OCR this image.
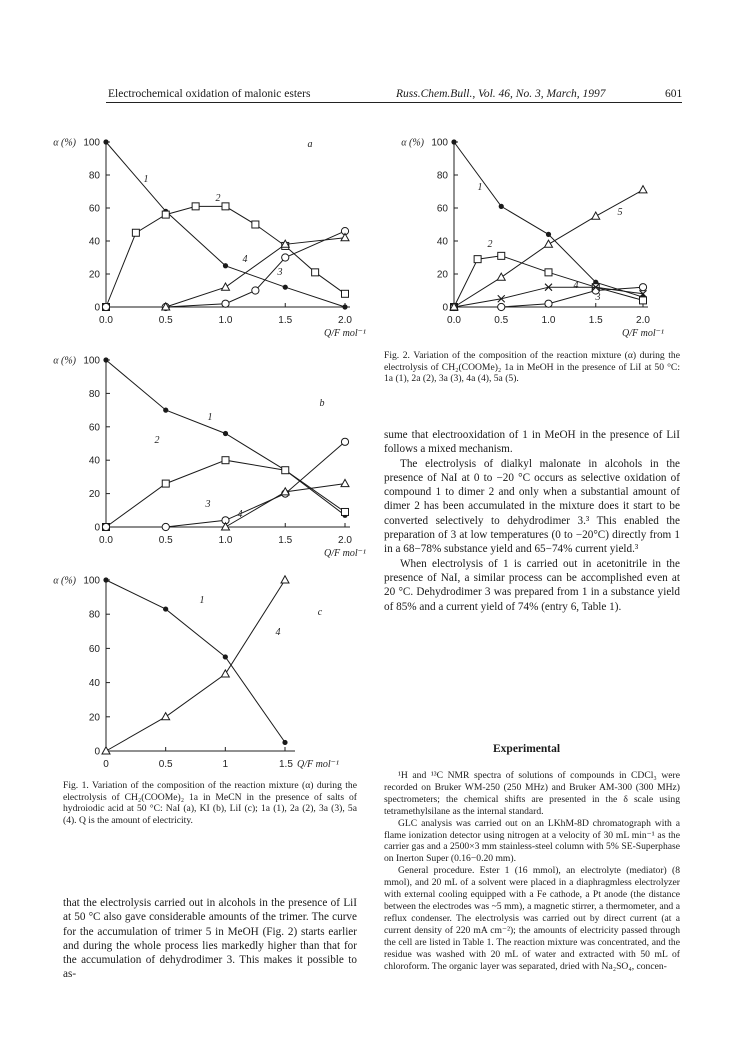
Electrochemical oxidation of malonic esters	Russ.Chem.Bull., Vol. 46, No. 3, March, 1997	601
0
20
40
60
80
α (%) 100
0.0	0.5	1.0	1.5	2.0
Q/F mol⁻¹
a
1
2
3
4
0
20
40
60
80
α (%) 100
0.0	0.5	1.0	1.5	2.0
Q/F mol⁻¹
b
1
2
3
4
0
20
40
60
80
α (%) 100
0	0.5	1	1.5 Q/F mol⁻¹
c
1
4
0
20
40
60
80
α (%) 100
0.0	0.5	1.0	1.5	2.0
Q/F mol⁻¹
1
2
3
4
5
Fig. 1. Variation of the composition of the reaction mixture (α) during the electrolysis of CH₂(COOMe)₂ 1a in MeCN in the presence of salts of hydroiodic acid at 50 °C: NaI (a), KI (b), LiI (c); 1a (1), 2a (2), 3a (3), 5a (4). Q is the amount of electricity.
Fig. 2. Variation of the composition of the reaction mixture (α) during the electrolysis of CH₂(COOMe)₂ 1a in MeOH in the presence of LiI at 50 °C: 1a (1), 2a (2), 3a (3), 4a (4), 5a (5).

that the electrolysis carried out in alcohols in the presence of LiI at 50 °C also gave considerable amounts of the trimer. The curve for the accumulation of trimer 5 in MeOH (Fig. 2) starts earlier and during the whole process lies markedly higher than that for the accumulation of dehydrodimer 3. This makes it possible to as-

sume that electrooxidation of 1 in MeOH in the presence of LiI follows a mixed mechanism.

The electrolysis of dialkyl malonate in alcohols in the presence of NaI at 0 to −20 °C occurs as selective oxidation of compound 1 to dimer 2 and only when a substantial amount of dimer 2 has been accumulated in the mixture does it start to be converted selectively to dehydrodimer 3.³ This enabled the preparation of 3 at low temperatures (0 to −20°C) directly from 1 in a 68−78% substance yield and 65−74% current yield.³

When electrolysis of 1 is carried out in acetonitrile in the presence of NaI, a similar process can be accomplished even at 20 °C. Dehydrodimer 3 was prepared from 1 in a substance yield of 85% and a current yield of 74% (entry 6, Table 1).

Experimental

¹H and ¹³C NMR spectra of solutions of compounds in CDCl₃ were recorded on Bruker WM-250 (250 MHz) and Bruker AM-300 (300 MHz) spectrometers; the chemical shifts are presented in the δ scale using tetramethylsilane as the internal standard.

GLC analysis was carried out on an LKhM-8D chromatograph with a flame ionization detector using nitrogen at a velocity of 30 mL min⁻¹ as the carrier gas and a 2500×3 mm stainless-steel column with 5% SE-Superphase on Inerton Super (0.16−0.20 mm).

General procedure. Ester 1 (16 mmol), an electrolyte (mediator) (8 mmol), and 20 mL of a solvent were placed in a diaphragmless electrolyzer with external cooling equipped with a Fe cathode, a Pt anode (the distance between the electrodes was ~5 mm), a magnetic stirrer, a thermometer, and a reflux condenser. The electrolysis was carried out by direct current (at a current density of 220 mA cm⁻²); the amounts of electricity passed through the cell are listed in Table 1. The reaction mixture was concentrated, and the residue was washed with 20 mL of water and extracted with 50 mL of chloroform. The organic layer was separated, dried with Na₂SO₄, concen-
